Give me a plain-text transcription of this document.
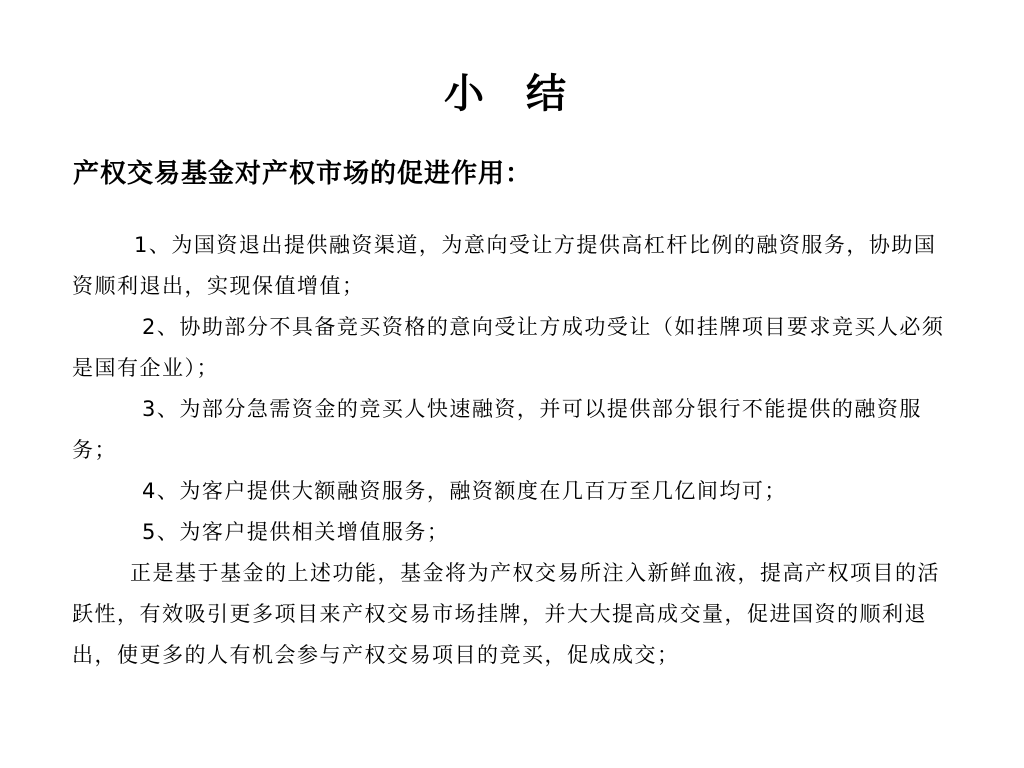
小 结
产权交易基金对产权市场的促进作用：

1、为国资退出提供融资渠道，为意向受让方提供高杠杆比例的融资服务，协助国资顺利退出，实现保值增值；

2、协助部分不具备竞买资格的意向受让方成功受让（如挂牌项目要求竞买人必须是国有企业）；

3、为部分急需资金的竞买人快速融资，并可以提供部分银行不能提供的融资服务；

4、为客户提供大额融资服务，融资额度在几百万至几亿间均可；

5、为客户提供相关增值服务；

正是基于基金的上述功能，基金将为产权交易所注入新鲜血液，提高产权项目的活跃性，有效吸引更多项目来产权交易市场挂牌，并大大提高成交量，促进国资的顺利退出，使更多的人有机会参与产权交易项目的竞买，促成成交；
